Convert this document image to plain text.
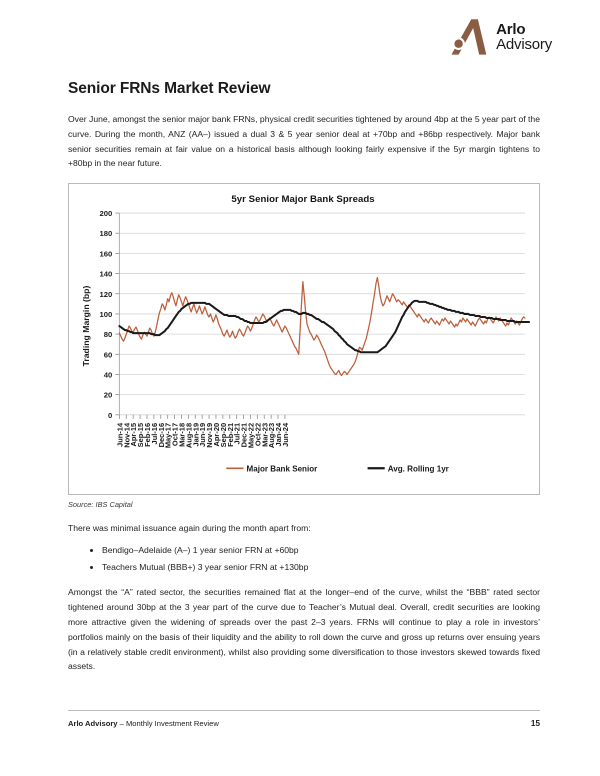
Arlo
Advisory
Senior FRNs Market Review

Over June, amongst the senior major bank FRNs, physical credit securities tightened by around 4bp at the 5 year part of the curve. During the month, ANZ (AA–) issued a dual 3 & 5 year senior deal at +70bp and +86bp respectively. Major bank senior securities remain at fair value on a historical basis although looking fairly expensive if the 5yr margin tightens to +80bp in the near future.

5yr Senior Major Bank Spreads
0
20
40
60
80
100
120
140
160
180
200
Jun-14
Nov-14
Apr-15
Sep-15
Feb-16
Jul-16
Dec-16
May-17
Oct-17
Mar-18
Aug-18
Jan-19
Jun-19
Nov-19
Apr-20
Sep-20
Feb-21
Jul-21
Dec-21
May-22
Oct-22
Mar-23
Aug-23
Jan-24
Jun-24
Trading Margin (bp)
Major Bank Senior	Avg. Rolling 1yr
Source: IBS Capital

There was minimal issuance again during the month apart from:

• Bendigo–Adelaide (A–) 1 year senior FRN at +60bp
• Teachers Mutual (BBB+) 3 year senior FRN at +130bp

Amongst the “A” rated sector, the securities remained flat at the longer–end of the curve, whilst the “BBB” rated sector tightened around 30bp at the 3 year part of the curve due to Teacher’s Mutual deal. Overall, credit securities are looking more attractive given the widening of spreads over the past 2–3 years. FRNs will continue to play a role in investors’ portfolios mainly on the basis of their liquidity and the ability to roll down the curve and gross up returns over ensuing years (in a relatively stable credit environment), whilst also providing some diversification to those investors skewed towards fixed assets.

Arlo Advisory – Monthly Investment Review	15
